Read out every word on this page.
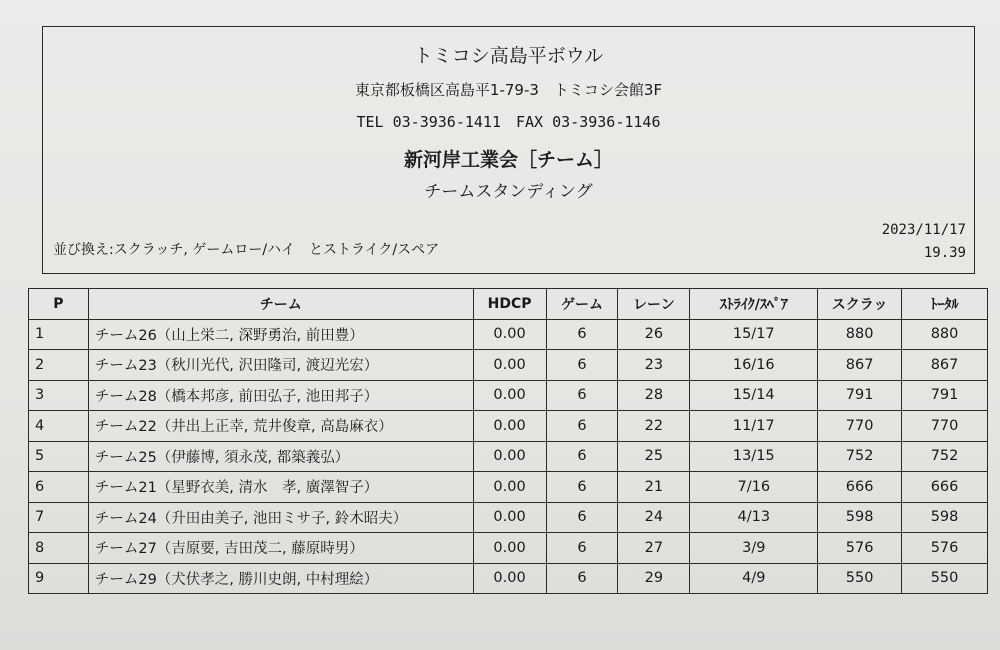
トミコシ高島平ボウル
東京都板橋区高島平1-79-3　トミコシ会館3F
TEL 03-3936-1411　FAX 03-3936-1146
新河岸工業会［チーム］
チームスタンディング
並び換え:スクラッチ, ゲームロー/ハイ　とストライク/スペア
2023/11/17
19.39
P	チーム	HDCP	ゲーム	レーン	ｽﾄﾗｲｸ/ｽﾍﾟｱ	スクラッ	ﾄｰﾀﾙ
1	チーム26（山上栄二, 深野勇治, 前田豊）	0.00	6	26	15/17	880	880
2	チーム23（秋川光代, 沢田隆司, 渡辺光宏）	0.00	6	23	16/16	867	867
3	チーム28（橋本邦彦, 前田弘子, 池田邦子）	0.00	6	28	15/14	791	791
4	チーム22（井出上正幸, 荒井俊章, 高島麻衣）	0.00	6	22	11/17	770	770
5	チーム25（伊藤博, 須永茂, 都築義弘）	0.00	6	25	13/15	752	752
6	チーム21（星野衣美, 清水　孝, 廣澤智子）	0.00	6	21	7/16	666	666
7	チーム24（升田由美子, 池田ミサ子, 鈴木昭夫）	0.00	6	24	4/13	598	598
8	チーム27（吉原要, 吉田茂二, 藤原時男）	0.00	6	27	3/9	576	576
9	チーム29（犬伏孝之, 勝川史朗, 中村理絵）	0.00	6	29	4/9	550	550
